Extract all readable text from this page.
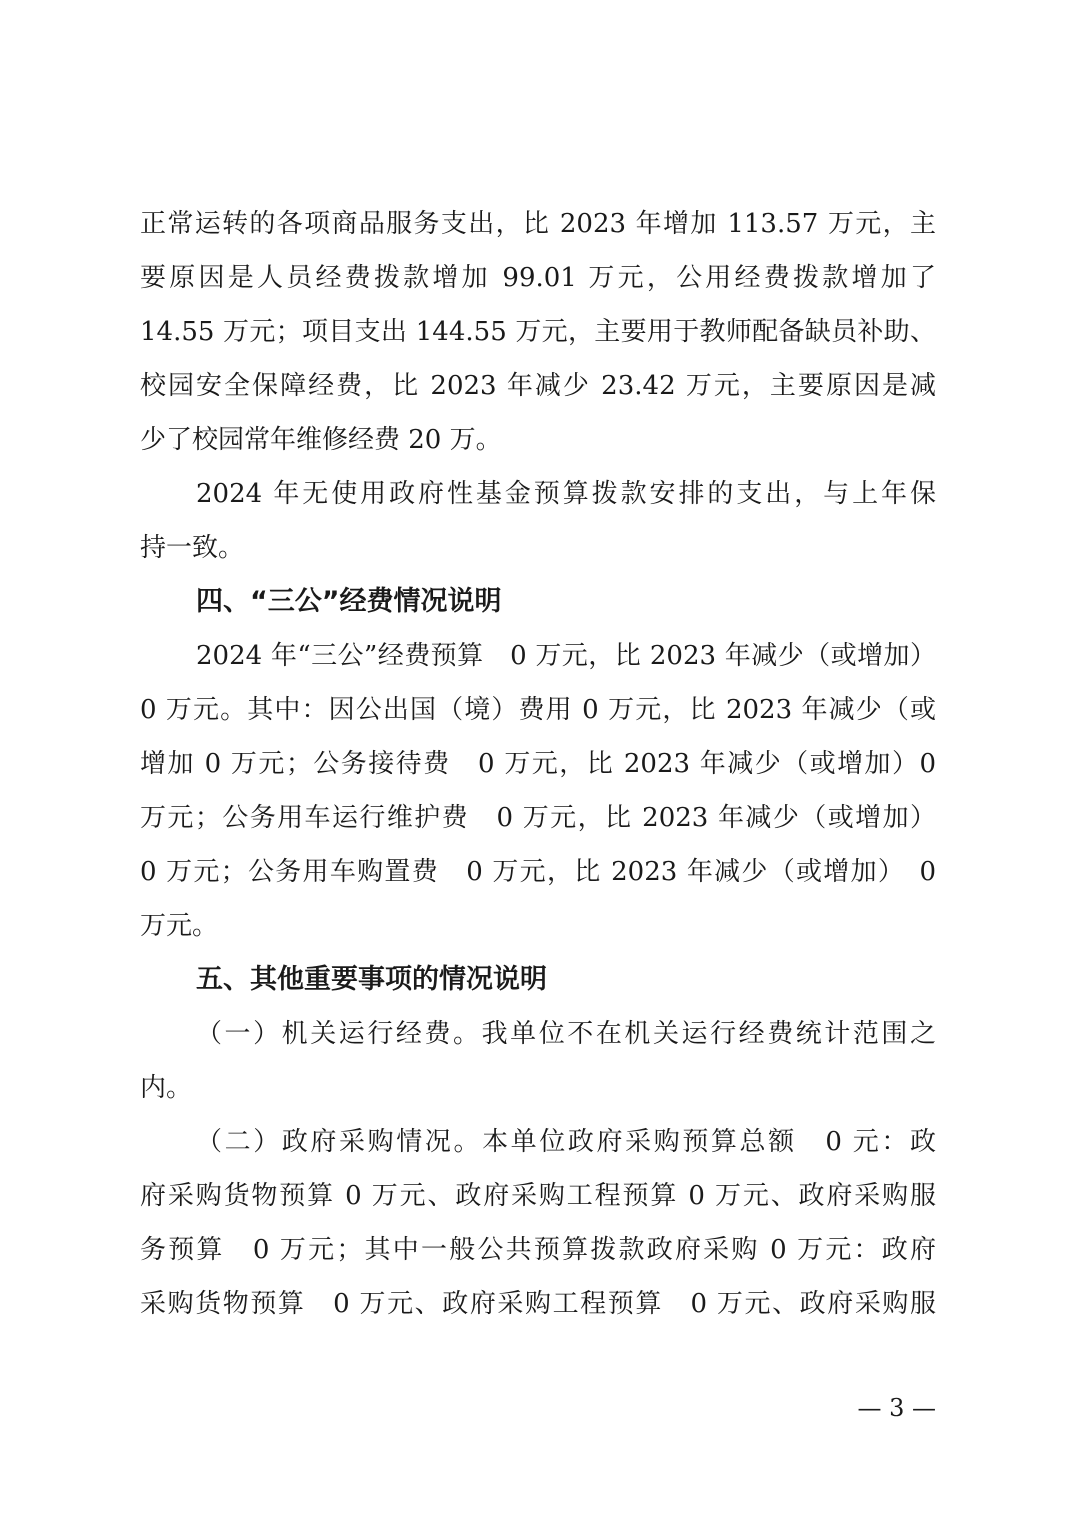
正常运转的各项商品服务支出，比 2023 年增加 113.57 万元，主
要原因是人员经费拨款增加 99.01 万元，公用经费拨款增加了
14.55 万元；项目支出 144.55 万元，主要用于教师配备缺员补助、
校园安全保障经费，比 2023 年减少 23.42 万元，主要原因是减
少了校园常年维修经费 20 万。
2024 年无使用政府性基金预算拨款安排的支出，与上年保
持一致。
四、“三公”经费情况说明
2024 年“三公”经费预算　0 万元，比 2023 年减少（或增加）
0 万元。其中：因公出国（境）费用 0 万元，比 2023 年减少（或
增加 0 万元；公务接待费　0 万元，比 2023 年减少（或增加）0
万元；公务用车运行维护费　0 万元，比 2023 年减少（或增加）
0 万元；公务用车购置费　0 万元，比 2023 年减少（或增加）　0
万元。
五、其他重要事项的情况说明
（一）机关运行经费。我单位不在机关运行经费统计范围之
内。
（二）政府采购情况。本单位政府采购预算总额　0 元：政
府采购货物预算 0 万元、政府采购工程预算 0 万元、政府采购服
务预算　0 万元；其中一般公共预算拨款政府采购 0 万元：政府
采购货物预算　0 万元、政府采购工程预算　0 万元、政府采购服
— 3 —
